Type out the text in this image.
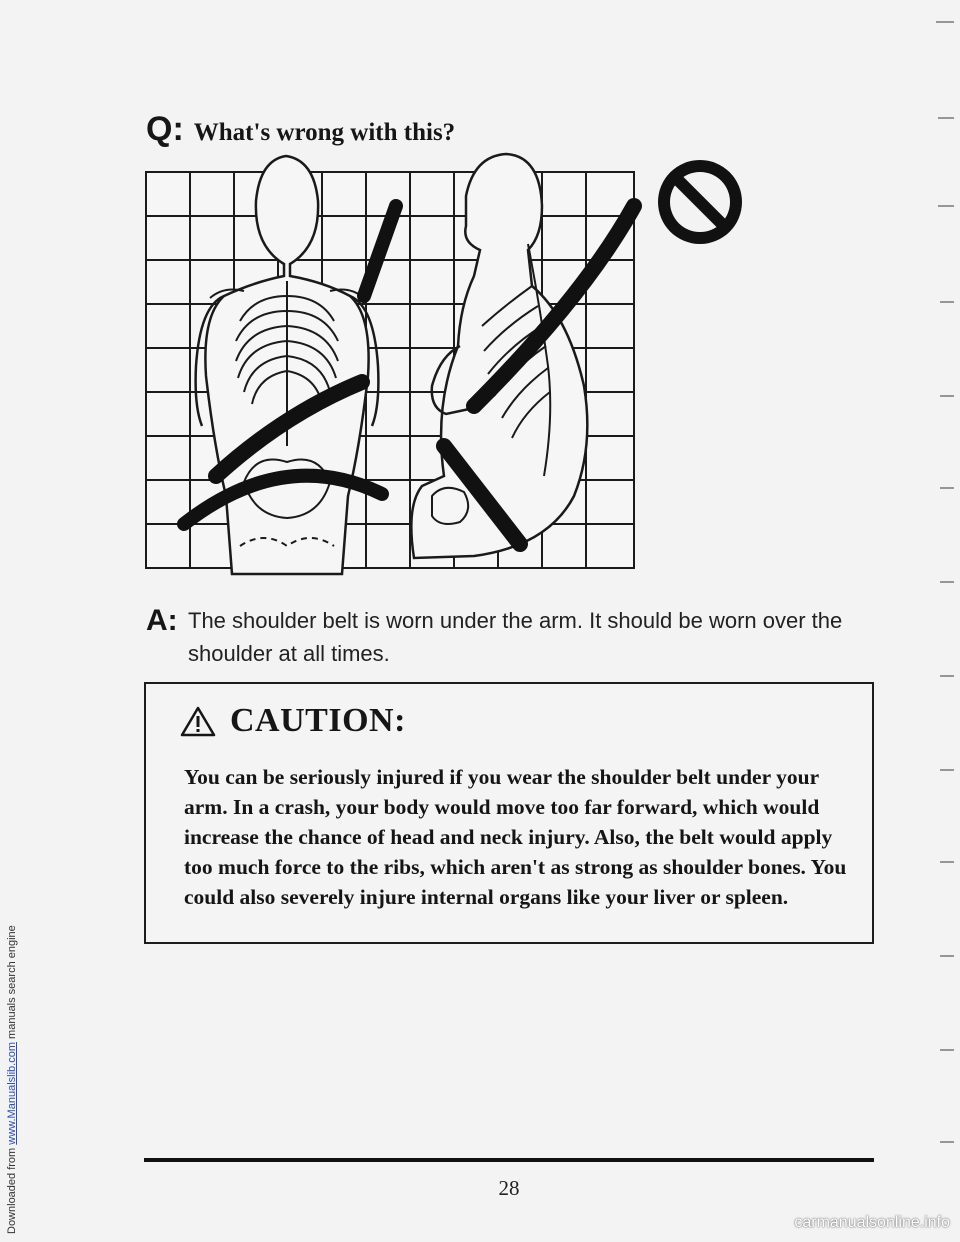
Downloaded from www.Manualslib.com manuals search engine
Q: What's wrong with this?
A: The shoulder belt is worn under the arm. It should be worn over the shoulder at all times.
CAUTION:
You can be seriously injured if you wear the shoulder belt under your arm. In a crash, your body would move too far forward, which would increase the chance of head and neck injury. Also, the belt would apply too much force to the ribs, which aren't as strong as shoulder bones. You could also severely injure internal organs like your liver or spleen.
28
carmanualsonline.info
